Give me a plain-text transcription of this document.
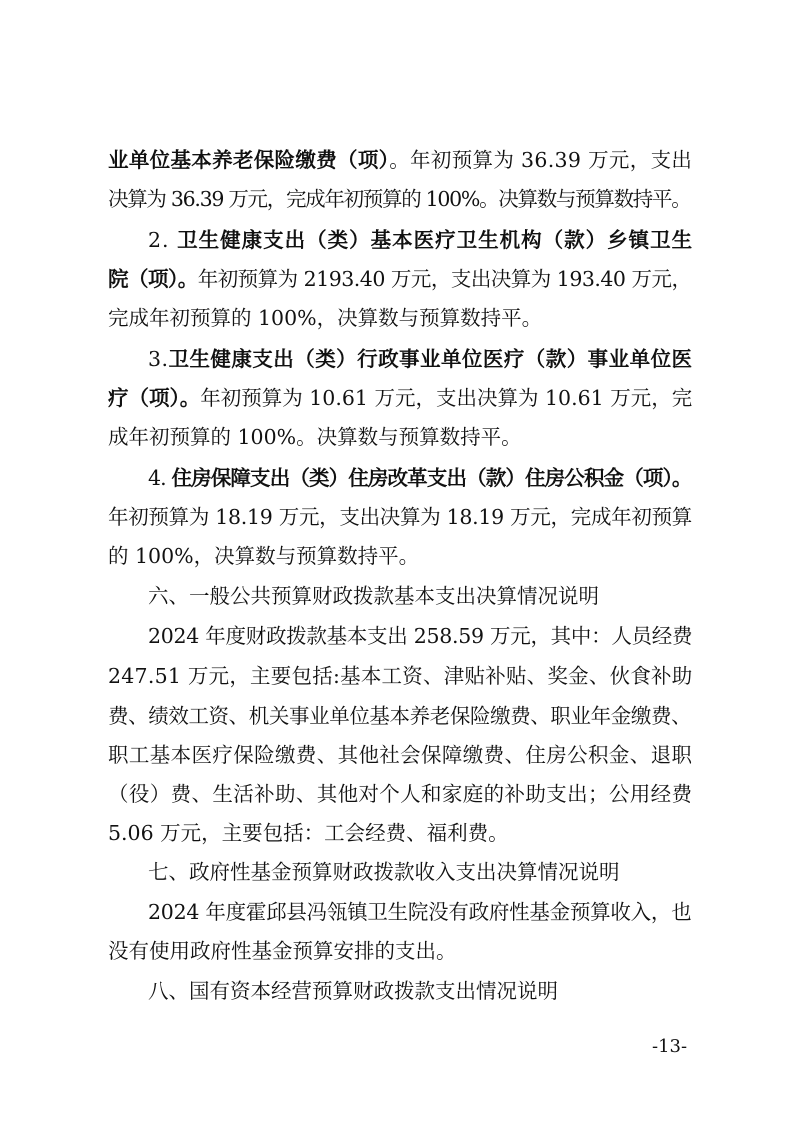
业单位基本养老保险缴费（项）。年初预算为 36.39 万元，支出
决算为 36.39 万元，完成年初预算的 100%。决算数与预算数持平。
2. 卫生健康支出（类）基本医疗卫生机构（款）乡镇卫生
院（项）。年初预算为 2193.40 万元，支出决算为 193.40 万元，
完成年初预算的 100%，决算数与预算数持平。
3.卫生健康支出（类）行政事业单位医疗（款）事业单位医
疗（项）。年初预算为 10.61 万元，支出决算为 10.61 万元，完
成年初预算的 100%。决算数与预算数持平。
4. 住房保障支出（类）住房改革支出（款）住房公积金（项）。
年初预算为 18.19 万元，支出决算为 18.19 万元，完成年初预算
的 100%，决算数与预算数持平。
六、一般公共预算财政拨款基本支出决算情况说明
2024 年度财政拨款基本支出 258.59 万元，其中：人员经费
247.51 万元，主要包括:基本工资、津贴补贴、奖金、伙食补助
费、绩效工资、机关事业单位基本养老保险缴费、职业年金缴费、
职工基本医疗保险缴费、其他社会保障缴费、住房公积金、退职
（役）费、生活补助、其他对个人和家庭的补助支出；公用经费
5.06 万元，主要包括：工会经费、福利费。
七、政府性基金预算财政拨款收入支出决算情况说明
2024 年度霍邱县冯瓴镇卫生院没有政府性基金预算收入，也
没有使用政府性基金预算安排的支出。
八、国有资本经营预算财政拨款支出情况说明
-13-
